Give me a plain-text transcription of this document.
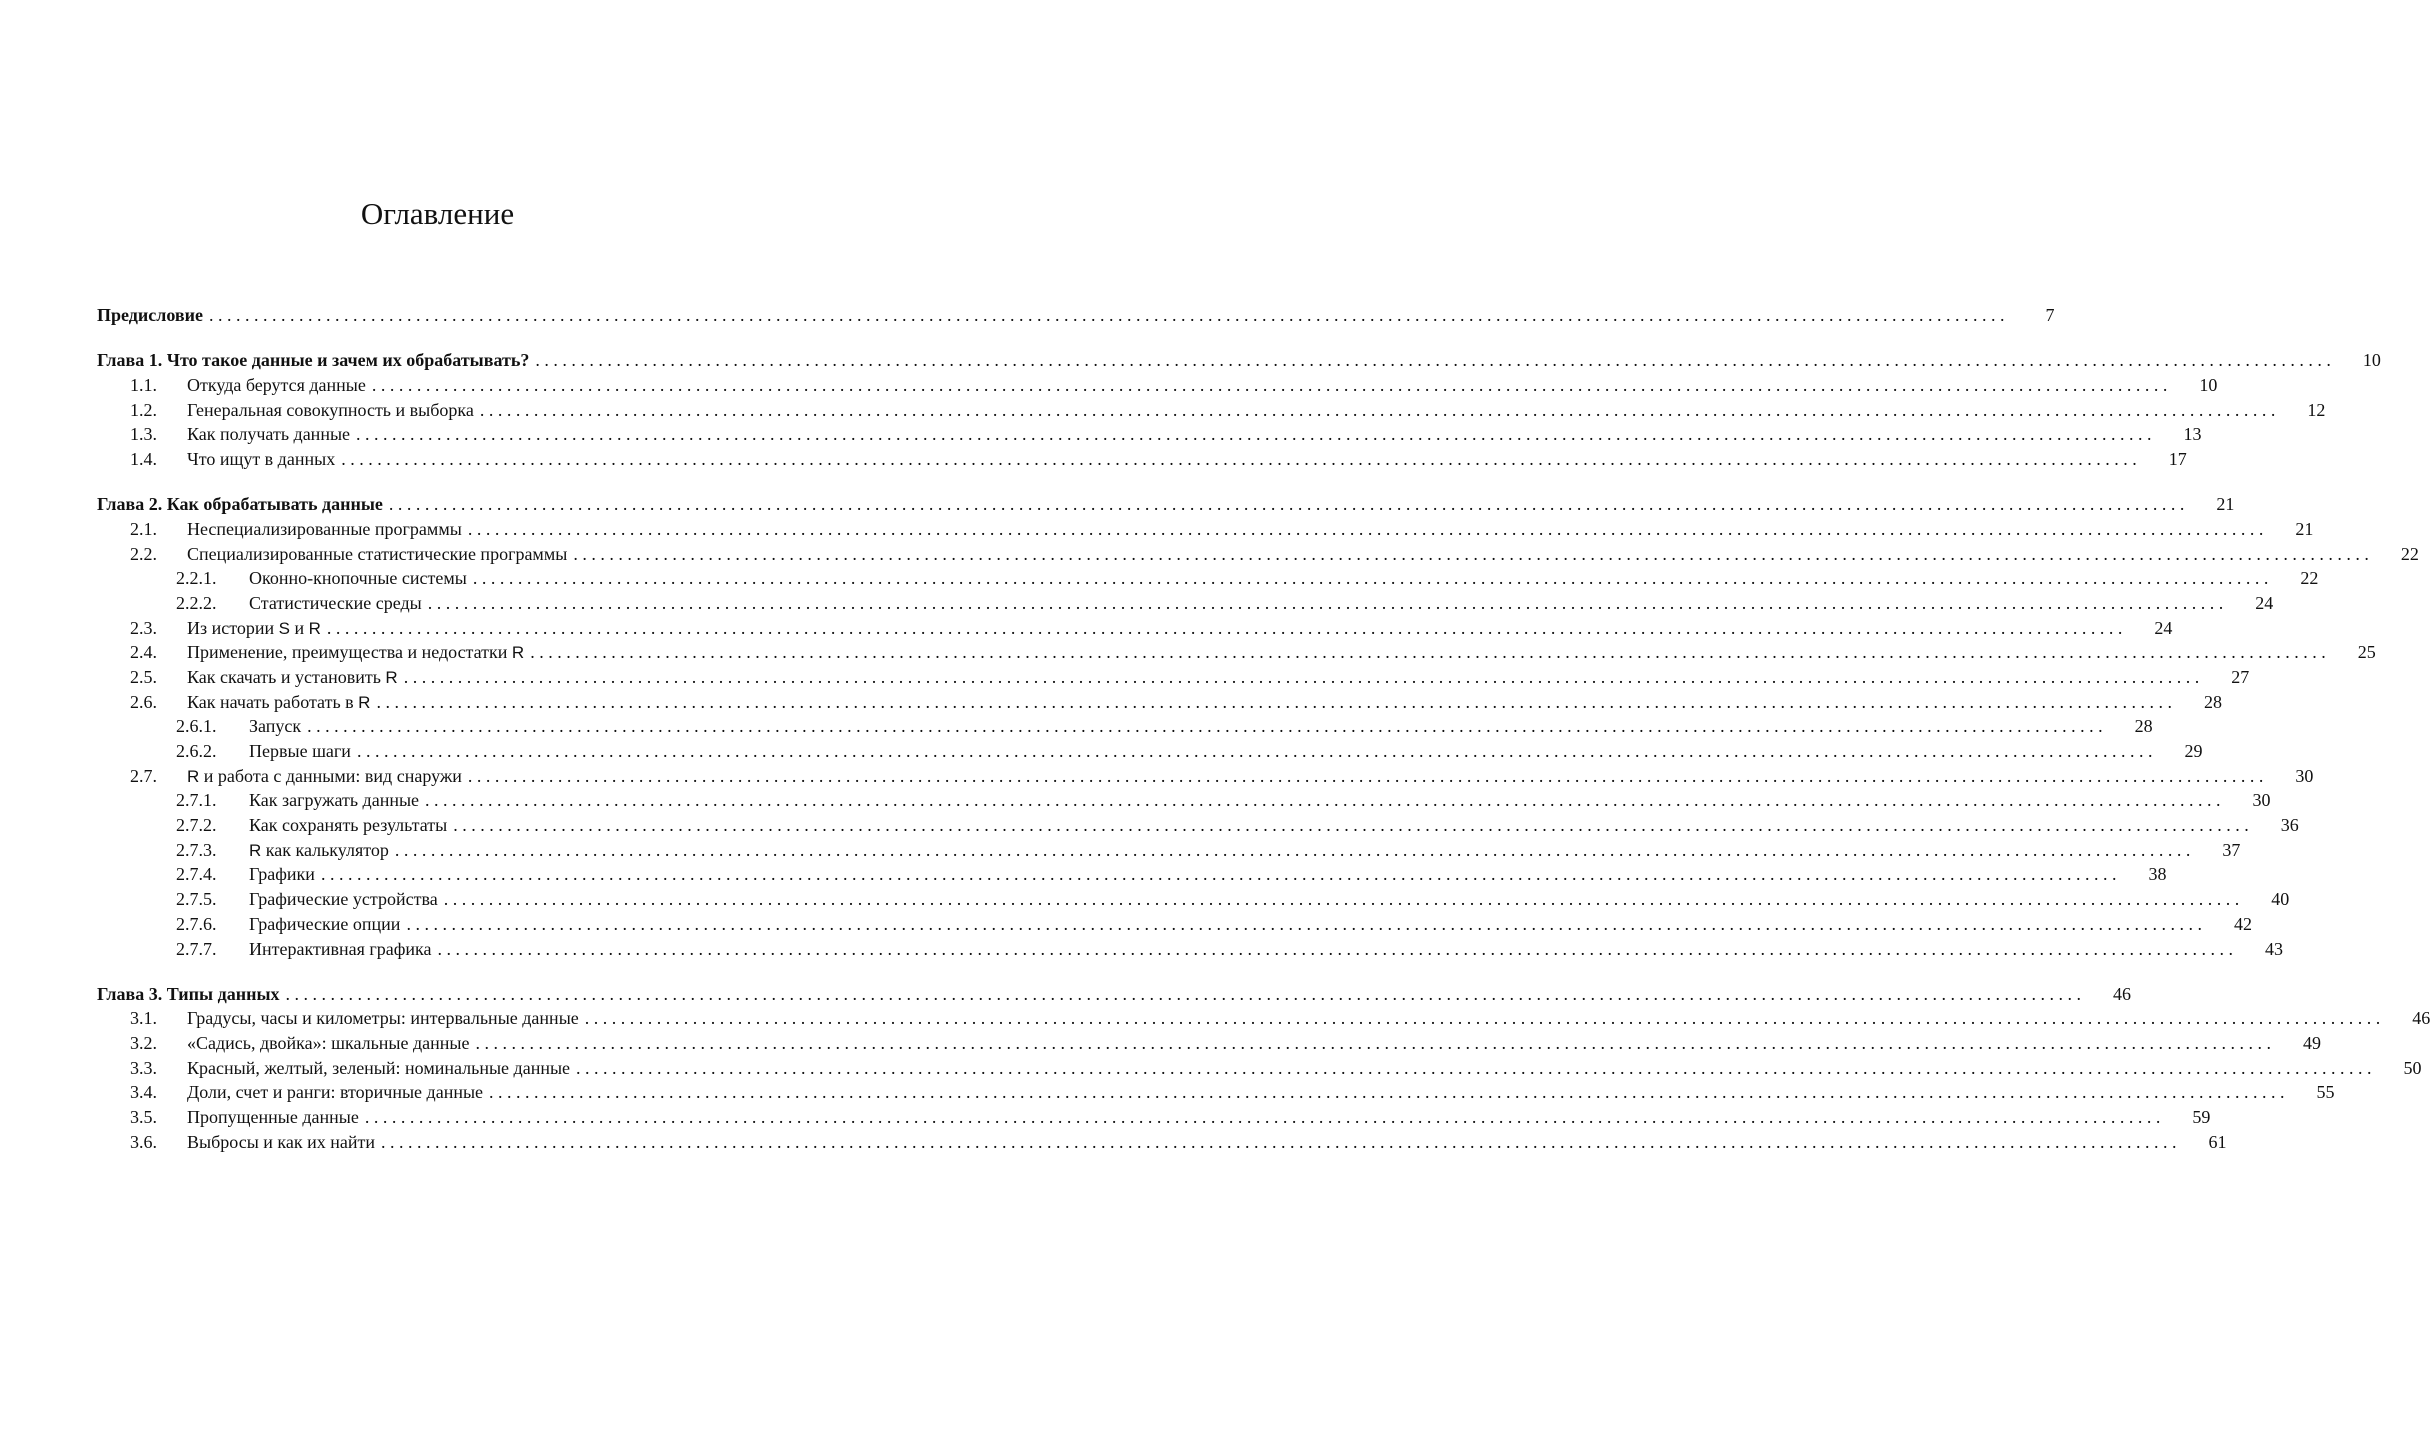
Оглавление
Предисловие . . . . . . . . . . . . . . . . . . . . . . . . . . . . . . . . . . . . . . . . . . . . . . . . . . . . . . . . . . . . . . . . . . . . . . . . . . . . . . . . . . . . . . . . . . . . . . . . . . . . . . . . . . . . . . . . . . . . . . . . . . . . . . . . . . . . . . . . . . . . . . . . . . . . . . . . . . . . . . . . . . . . . . . . . . . . . . . . . . . . . . . . . . . . . . . . . . . . . . . .	7
Глава 1. Что такое данные и зачем их обрабатывать? . . . . . . . . . . . . . . . . . . . . . . . . . . . . . . . . . . . . . . . . . . . . . . . . . . . . . . . . . . . . . . . . . . . . . . . . . . . . . . . . . . . . . . . . . . . . . . . . . . . . . . . . . . . . . . . . . . . . . . . . . . . . . . . . . . . . . . . . . . . . . . . . . . . . . . . . . . . . . . . . . . . . . . . . . . . . . . . . . . . . . . . . . . . . . . . . . . . . . . . .	10
1.1.	Откуда берутся данные . . . . . . . . . . . . . . . . . . . . . . . . . . . . . . . . . . . . . . . . . . . . . . . . . . . . . . . . . . . . . . . . . . . . . . . . . . . . . . . . . . . . . . . . . . . . . . . . . . . . . . . . . . . . . . . . . . . . . . . . . . . . . . . . . . . . . . . . . . . . . . . . . . . . . . . . . . . . . . . . . . . . . . . . . . . . . . . . . . . . . . . . . . . . . . . . . . . . . . . .	10
1.2.	Генеральная совокупность и выборка . . . . . . . . . . . . . . . . . . . . . . . . . . . . . . . . . . . . . . . . . . . . . . . . . . . . . . . . . . . . . . . . . . . . . . . . . . . . . . . . . . . . . . . . . . . . . . . . . . . . . . . . . . . . . . . . . . . . . . . . . . . . . . . . . . . . . . . . . . . . . . . . . . . . . . . . . . . . . . . . . . . . . . . . . . . . . . . . . . . . . . . . . . . . . . . . . . . . . . . .	12
1.3.	Как получать данные . . . . . . . . . . . . . . . . . . . . . . . . . . . . . . . . . . . . . . . . . . . . . . . . . . . . . . . . . . . . . . . . . . . . . . . . . . . . . . . . . . . . . . . . . . . . . . . . . . . . . . . . . . . . . . . . . . . . . . . . . . . . . . . . . . . . . . . . . . . . . . . . . . . . . . . . . . . . . . . . . . . . . . . . . . . . . . . . . . . . . . . . . . . . . . . . . . . . . . . .	13
1.4.	Что ищут в данных . . . . . . . . . . . . . . . . . . . . . . . . . . . . . . . . . . . . . . . . . . . . . . . . . . . . . . . . . . . . . . . . . . . . . . . . . . . . . . . . . . . . . . . . . . . . . . . . . . . . . . . . . . . . . . . . . . . . . . . . . . . . . . . . . . . . . . . . . . . . . . . . . . . . . . . . . . . . . . . . . . . . . . . . . . . . . . . . . . . . . . . . . . . . . . . . . . . . . . . .	17
Глава 2. Как обрабатывать данные . . . . . . . . . . . . . . . . . . . . . . . . . . . . . . . . . . . . . . . . . . . . . . . . . . . . . . . . . . . . . . . . . . . . . . . . . . . . . . . . . . . . . . . . . . . . . . . . . . . . . . . . . . . . . . . . . . . . . . . . . . . . . . . . . . . . . . . . . . . . . . . . . . . . . . . . . . . . . . . . . . . . . . . . . . . . . . . . . . . . . . . . . . . . . . . . . . . . . . . .	21
2.1.	Неспециализированные программы . . . . . . . . . . . . . . . . . . . . . . . . . . . . . . . . . . . . . . . . . . . . . . . . . . . . . . . . . . . . . . . . . . . . . . . . . . . . . . . . . . . . . . . . . . . . . . . . . . . . . . . . . . . . . . . . . . . . . . . . . . . . . . . . . . . . . . . . . . . . . . . . . . . . . . . . . . . . . . . . . . . . . . . . . . . . . . . . . . . . . . . . . . . . . . . . . . . . . . . .	21
2.2.	Специализированные статистические программы . . . . . . . . . . . . . . . . . . . . . . . . . . . . . . . . . . . . . . . . . . . . . . . . . . . . . . . . . . . . . . . . . . . . . . . . . . . . . . . . . . . . . . . . . . . . . . . . . . . . . . . . . . . . . . . . . . . . . . . . . . . . . . . . . . . . . . . . . . . . . . . . . . . . . . . . . . . . . . . . . . . . . . . . . . . . . . . . . . . . . . . . . . . . . . . . . . . . . . . .	22
2.2.1.	Оконно-кнопочные системы . . . . . . . . . . . . . . . . . . . . . . . . . . . . . . . . . . . . . . . . . . . . . . . . . . . . . . . . . . . . . . . . . . . . . . . . . . . . . . . . . . . . . . . . . . . . . . . . . . . . . . . . . . . . . . . . . . . . . . . . . . . . . . . . . . . . . . . . . . . . . . . . . . . . . . . . . . . . . . . . . . . . . . . . . . . . . . . . . . . . . . . . . . . . . . . . . . . . . . . .	22
2.2.2.	Статистические среды . . . . . . . . . . . . . . . . . . . . . . . . . . . . . . . . . . . . . . . . . . . . . . . . . . . . . . . . . . . . . . . . . . . . . . . . . . . . . . . . . . . . . . . . . . . . . . . . . . . . . . . . . . . . . . . . . . . . . . . . . . . . . . . . . . . . . . . . . . . . . . . . . . . . . . . . . . . . . . . . . . . . . . . . . . . . . . . . . . . . . . . . . . . . . . . . . . . . . . . .	24
2.3.	Из истории S и R . . . . . . . . . . . . . . . . . . . . . . . . . . . . . . . . . . . . . . . . . . . . . . . . . . . . . . . . . . . . . . . . . . . . . . . . . . . . . . . . . . . . . . . . . . . . . . . . . . . . . . . . . . . . . . . . . . . . . . . . . . . . . . . . . . . . . . . . . . . . . . . . . . . . . . . . . . . . . . . . . . . . . . . . . . . . . . . . . . . . . . . . . . . . . . . . . . . . . . . .	24
2.4.	Применение, преимущества и недостатки R . . . . . . . . . . . . . . . . . . . . . . . . . . . . . . . . . . . . . . . . . . . . . . . . . . . . . . . . . . . . . . . . . . . . . . . . . . . . . . . . . . . . . . . . . . . . . . . . . . . . . . . . . . . . . . . . . . . . . . . . . . . . . . . . . . . . . . . . . . . . . . . . . . . . . . . . . . . . . . . . . . . . . . . . . . . . . . . . . . . . . . . . . . . . . . . . . . . . . . . .	25
2.5.	Как скачать и установить R . . . . . . . . . . . . . . . . . . . . . . . . . . . . . . . . . . . . . . . . . . . . . . . . . . . . . . . . . . . . . . . . . . . . . . . . . . . . . . . . . . . . . . . . . . . . . . . . . . . . . . . . . . . . . . . . . . . . . . . . . . . . . . . . . . . . . . . . . . . . . . . . . . . . . . . . . . . . . . . . . . . . . . . . . . . . . . . . . . . . . . . . . . . . . . . . . . . . . . . .	27
2.6.	Как начать работать в R . . . . . . . . . . . . . . . . . . . . . . . . . . . . . . . . . . . . . . . . . . . . . . . . . . . . . . . . . . . . . . . . . . . . . . . . . . . . . . . . . . . . . . . . . . . . . . . . . . . . . . . . . . . . . . . . . . . . . . . . . . . . . . . . . . . . . . . . . . . . . . . . . . . . . . . . . . . . . . . . . . . . . . . . . . . . . . . . . . . . . . . . . . . . . . . . . . . . . . . .	28
2.6.1.	Запуск . . . . . . . . . . . . . . . . . . . . . . . . . . . . . . . . . . . . . . . . . . . . . . . . . . . . . . . . . . . . . . . . . . . . . . . . . . . . . . . . . . . . . . . . . . . . . . . . . . . . . . . . . . . . . . . . . . . . . . . . . . . . . . . . . . . . . . . . . . . . . . . . . . . . . . . . . . . . . . . . . . . . . . . . . . . . . . . . . . . . . . . . . . . . . . . . . . . . . . . .	28
2.6.2.	Первые шаги . . . . . . . . . . . . . . . . . . . . . . . . . . . . . . . . . . . . . . . . . . . . . . . . . . . . . . . . . . . . . . . . . . . . . . . . . . . . . . . . . . . . . . . . . . . . . . . . . . . . . . . . . . . . . . . . . . . . . . . . . . . . . . . . . . . . . . . . . . . . . . . . . . . . . . . . . . . . . . . . . . . . . . . . . . . . . . . . . . . . . . . . . . . . . . . . . . . . . . . .	29
2.7.	R и работа с данными: вид снаружи . . . . . . . . . . . . . . . . . . . . . . . . . . . . . . . . . . . . . . . . . . . . . . . . . . . . . . . . . . . . . . . . . . . . . . . . . . . . . . . . . . . . . . . . . . . . . . . . . . . . . . . . . . . . . . . . . . . . . . . . . . . . . . . . . . . . . . . . . . . . . . . . . . . . . . . . . . . . . . . . . . . . . . . . . . . . . . . . . . . . . . . . . . . . . . . . . . . . . . . .	30
2.7.1.	Как загружать данные . . . . . . . . . . . . . . . . . . . . . . . . . . . . . . . . . . . . . . . . . . . . . . . . . . . . . . . . . . . . . . . . . . . . . . . . . . . . . . . . . . . . . . . . . . . . . . . . . . . . . . . . . . . . . . . . . . . . . . . . . . . . . . . . . . . . . . . . . . . . . . . . . . . . . . . . . . . . . . . . . . . . . . . . . . . . . . . . . . . . . . . . . . . . . . . . . . . . . . . .	30
2.7.2.	Как сохранять результаты . . . . . . . . . . . . . . . . . . . . . . . . . . . . . . . . . . . . . . . . . . . . . . . . . . . . . . . . . . . . . . . . . . . . . . . . . . . . . . . . . . . . . . . . . . . . . . . . . . . . . . . . . . . . . . . . . . . . . . . . . . . . . . . . . . . . . . . . . . . . . . . . . . . . . . . . . . . . . . . . . . . . . . . . . . . . . . . . . . . . . . . . . . . . . . . . . . . . . . . .	36
2.7.3.	R как калькулятор . . . . . . . . . . . . . . . . . . . . . . . . . . . . . . . . . . . . . . . . . . . . . . . . . . . . . . . . . . . . . . . . . . . . . . . . . . . . . . . . . . . . . . . . . . . . . . . . . . . . . . . . . . . . . . . . . . . . . . . . . . . . . . . . . . . . . . . . . . . . . . . . . . . . . . . . . . . . . . . . . . . . . . . . . . . . . . . . . . . . . . . . . . . . . . . . . . . . . . . .	37
2.7.4.	Графики . . . . . . . . . . . . . . . . . . . . . . . . . . . . . . . . . . . . . . . . . . . . . . . . . . . . . . . . . . . . . . . . . . . . . . . . . . . . . . . . . . . . . . . . . . . . . . . . . . . . . . . . . . . . . . . . . . . . . . . . . . . . . . . . . . . . . . . . . . . . . . . . . . . . . . . . . . . . . . . . . . . . . . . . . . . . . . . . . . . . . . . . . . . . . . . . . . . . . . . .	38
2.7.5.	Графические устройства . . . . . . . . . . . . . . . . . . . . . . . . . . . . . . . . . . . . . . . . . . . . . . . . . . . . . . . . . . . . . . . . . . . . . . . . . . . . . . . . . . . . . . . . . . . . . . . . . . . . . . . . . . . . . . . . . . . . . . . . . . . . . . . . . . . . . . . . . . . . . . . . . . . . . . . . . . . . . . . . . . . . . . . . . . . . . . . . . . . . . . . . . . . . . . . . . . . . . . . .	40
2.7.6.	Графические опции . . . . . . . . . . . . . . . . . . . . . . . . . . . . . . . . . . . . . . . . . . . . . . . . . . . . . . . . . . . . . . . . . . . . . . . . . . . . . . . . . . . . . . . . . . . . . . . . . . . . . . . . . . . . . . . . . . . . . . . . . . . . . . . . . . . . . . . . . . . . . . . . . . . . . . . . . . . . . . . . . . . . . . . . . . . . . . . . . . . . . . . . . . . . . . . . . . . . . . . .	42
2.7.7.	Интерактивная графика . . . . . . . . . . . . . . . . . . . . . . . . . . . . . . . . . . . . . . . . . . . . . . . . . . . . . . . . . . . . . . . . . . . . . . . . . . . . . . . . . . . . . . . . . . . . . . . . . . . . . . . . . . . . . . . . . . . . . . . . . . . . . . . . . . . . . . . . . . . . . . . . . . . . . . . . . . . . . . . . . . . . . . . . . . . . . . . . . . . . . . . . . . . . . . . . . . . . . . . .	43
Глава 3. Типы данных . . . . . . . . . . . . . . . . . . . . . . . . . . . . . . . . . . . . . . . . . . . . . . . . . . . . . . . . . . . . . . . . . . . . . . . . . . . . . . . . . . . . . . . . . . . . . . . . . . . . . . . . . . . . . . . . . . . . . . . . . . . . . . . . . . . . . . . . . . . . . . . . . . . . . . . . . . . . . . . . . . . . . . . . . . . . . . . . . . . . . . . . . . . . . . . . . . . . . . . .	46
3.1.	Градусы, часы и километры: интервальные данные . . . . . . . . . . . . . . . . . . . . . . . . . . . . . . . . . . . . . . . . . . . . . . . . . . . . . . . . . . . . . . . . . . . . . . . . . . . . . . . . . . . . . . . . . . . . . . . . . . . . . . . . . . . . . . . . . . . . . . . . . . . . . . . . . . . . . . . . . . . . . . . . . . . . . . . . . . . . . . . . . . . . . . . . . . . . . . . . . . . . . . . . . . . . . . . . . . . . . . . .	46
3.2.	«Садись, двойка»: шкальные данные . . . . . . . . . . . . . . . . . . . . . . . . . . . . . . . . . . . . . . . . . . . . . . . . . . . . . . . . . . . . . . . . . . . . . . . . . . . . . . . . . . . . . . . . . . . . . . . . . . . . . . . . . . . . . . . . . . . . . . . . . . . . . . . . . . . . . . . . . . . . . . . . . . . . . . . . . . . . . . . . . . . . . . . . . . . . . . . . . . . . . . . . . . . . . . . . . . . . . . . .	49
3.3.	Красный, желтый, зеленый: номинальные данные . . . . . . . . . . . . . . . . . . . . . . . . . . . . . . . . . . . . . . . . . . . . . . . . . . . . . . . . . . . . . . . . . . . . . . . . . . . . . . . . . . . . . . . . . . . . . . . . . . . . . . . . . . . . . . . . . . . . . . . . . . . . . . . . . . . . . . . . . . . . . . . . . . . . . . . . . . . . . . . . . . . . . . . . . . . . . . . . . . . . . . . . . . . . . . . . . . . . . . . .	50
3.4.	Доли, счет и ранги: вторичные данные . . . . . . . . . . . . . . . . . . . . . . . . . . . . . . . . . . . . . . . . . . . . . . . . . . . . . . . . . . . . . . . . . . . . . . . . . . . . . . . . . . . . . . . . . . . . . . . . . . . . . . . . . . . . . . . . . . . . . . . . . . . . . . . . . . . . . . . . . . . . . . . . . . . . . . . . . . . . . . . . . . . . . . . . . . . . . . . . . . . . . . . . . . . . . . . . . . . . . . . .	55
3.5.	Пропущенные данные . . . . . . . . . . . . . . . . . . . . . . . . . . . . . . . . . . . . . . . . . . . . . . . . . . . . . . . . . . . . . . . . . . . . . . . . . . . . . . . . . . . . . . . . . . . . . . . . . . . . . . . . . . . . . . . . . . . . . . . . . . . . . . . . . . . . . . . . . . . . . . . . . . . . . . . . . . . . . . . . . . . . . . . . . . . . . . . . . . . . . . . . . . . . . . . . . . . . . . . .	59
3.6.	Выбросы и как их найти . . . . . . . . . . . . . . . . . . . . . . . . . . . . . . . . . . . . . . . . . . . . . . . . . . . . . . . . . . . . . . . . . . . . . . . . . . . . . . . . . . . . . . . . . . . . . . . . . . . . . . . . . . . . . . . . . . . . . . . . . . . . . . . . . . . . . . . . . . . . . . . . . . . . . . . . . . . . . . . . . . . . . . . . . . . . . . . . . . . . . . . . . . . . . . . . . . . . . . . .	61
